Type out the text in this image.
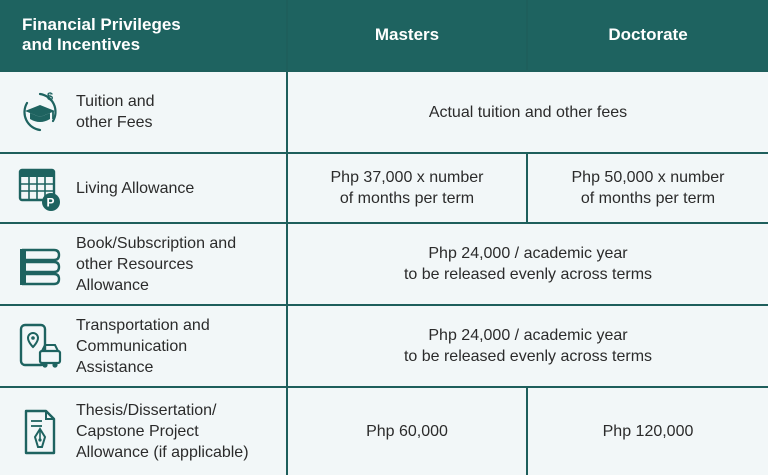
Financial Privileges
and Incentives
Masters	Doctorate
$ Tuition and
other Fees
Actual tuition and other fees
P
Living Allowance
Php 37,000 x number
of months per term
Php 50,000 x number
of months per term
Book/Subscription and
other Resources
Allowance
Php 24,000 / academic year
to be released evenly across terms
Transportation and
Communication
Assistance
Php 24,000 / academic year
to be released evenly across terms
Thesis/Dissertation/
Capstone Project
Allowance (if applicable)
Php 60,000	Php 120,000
